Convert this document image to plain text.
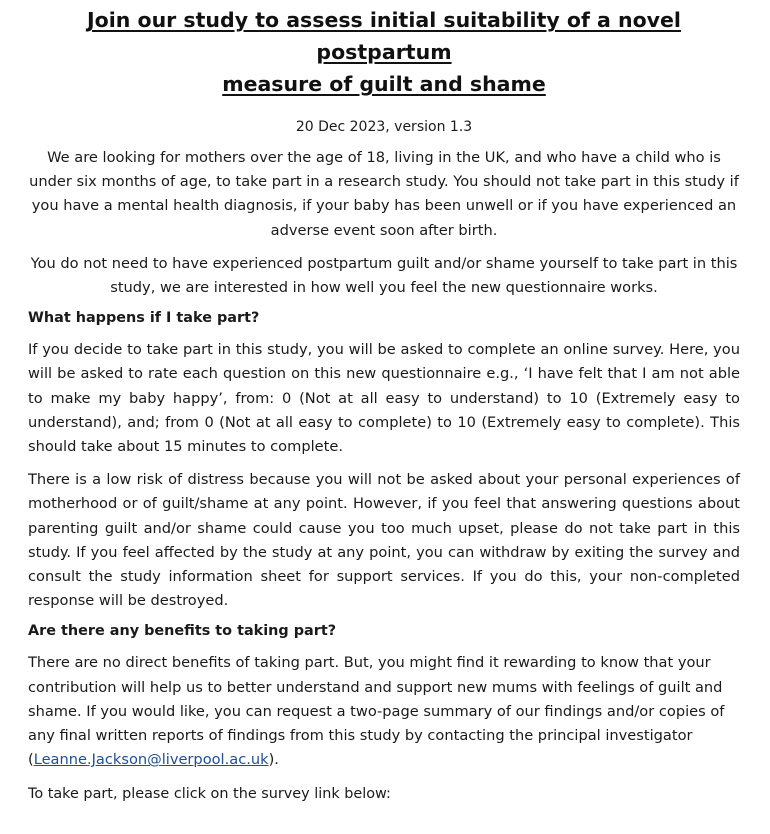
Join our study to assess initial suitability of a novel postpartum
measure of guilt and shame

20 Dec 2023, version 1.3

We are looking for mothers over the age of 18, living in the UK, and who have a child who is under six months of age, to take part in a research study. You should not take part in this study if you have a mental health diagnosis, if your baby has been unwell or if you have experienced an adverse event soon after birth.

You do not need to have experienced postpartum guilt and/or shame yourself to take part in this study, we are interested in how well you feel the new questionnaire works.

What happens if I take part?

If you decide to take part in this study, you will be asked to complete an online survey. Here, you will be asked to rate each question on this new questionnaire e.g., ‘I have felt that I am not able to make my baby happy’, from: 0 (Not at all easy to understand) to 10 (Extremely easy to understand), and; from 0 (Not at all easy to complete) to 10 (Extremely easy to complete). This should take about 15 minutes to complete.

There is a low risk of distress because you will not be asked about your personal experiences of motherhood or of guilt/shame at any point. However, if you feel that answering questions about parenting guilt and/or shame could cause you too much upset, please do not take part in this study. If you feel affected by the study at any point, you can withdraw by exiting the survey and consult the study information sheet for support services. If you do this, your non-completed response will be destroyed.

Are there any benefits to taking part?

There are no direct benefits of taking part. But, you might find it rewarding to know that your contribution will help us to better understand and support new mums with feelings of guilt and shame. If you would like, you can request a two-page summary of our findings and/or copies of any final written reports of findings from this study by contacting the principal investigator (Leanne.Jackson@liverpool.ac.uk).

To take part, please click on the survey link below:
